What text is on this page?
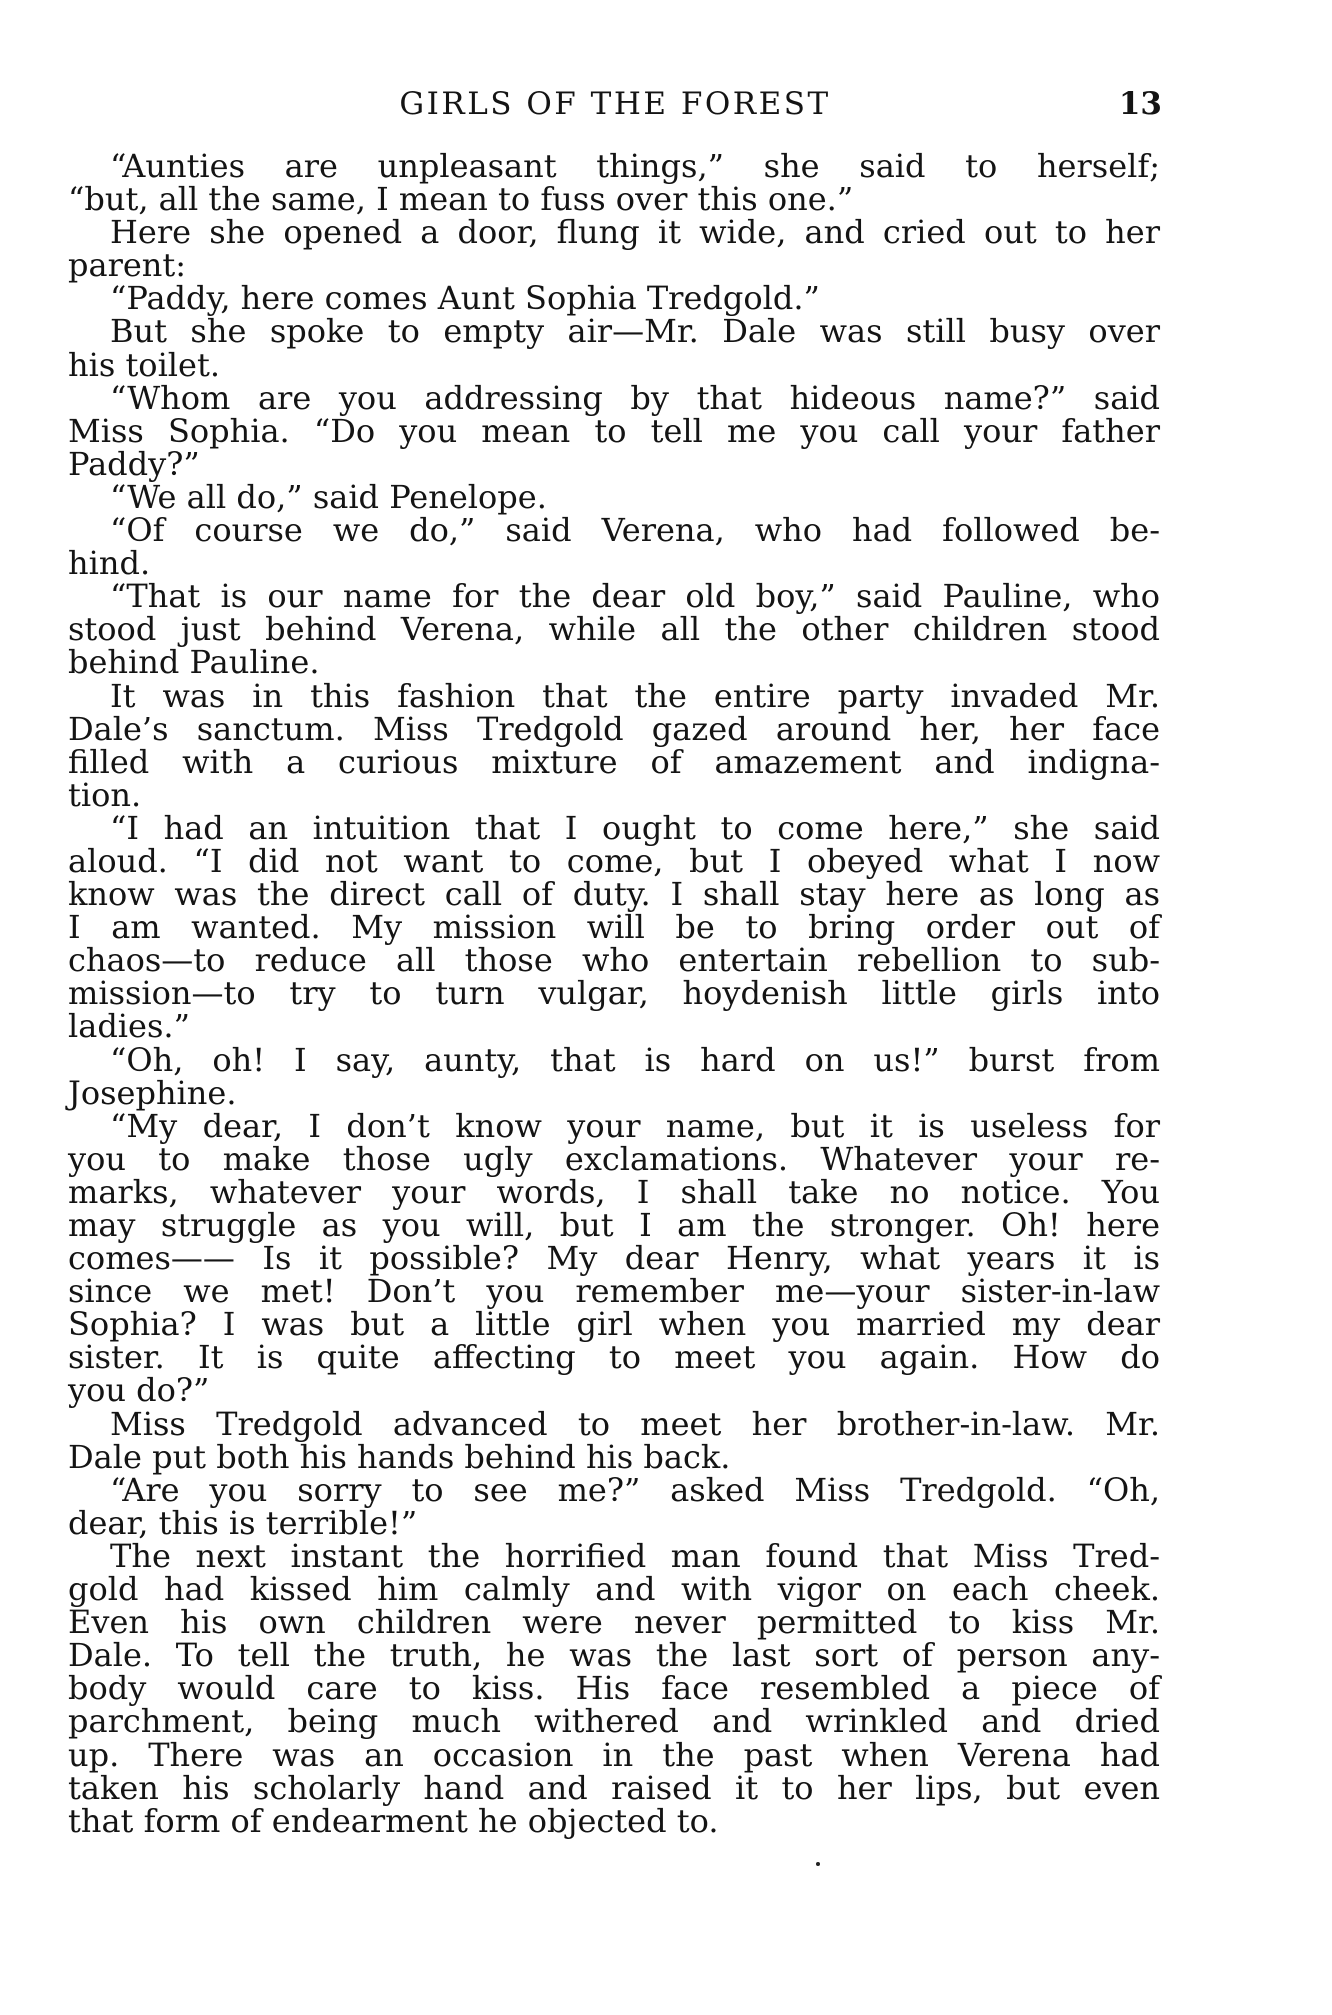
GIRLS OF THE FOREST	13
“Aunties are unpleasant things,” she said to herself;
“but, all the same, I mean to fuss over this one.”
Here she opened a door, flung it wide, and cried out to her
parent:
“Paddy, here comes Aunt Sophia Tredgold.”
But she spoke to empty air—Mr. Dale was still busy over
his toilet.
“Whom are you addressing by that hideous name?” said
Miss Sophia. “Do you mean to tell me you call your father
Paddy?”
“We all do,” said Penelope.
“Of course we do,” said Verena, who had followed be-
hind.
“That is our name for the dear old boy,” said Pauline, who
stood just behind Verena, while all the other children stood
behind Pauline.
It was in this fashion that the entire party invaded Mr.
Dale’s sanctum. Miss Tredgold gazed around her, her face
filled with a curious mixture of amazement and indigna-
tion.
“I had an intuition that I ought to come here,” she said
aloud. “I did not want to come, but I obeyed what I now
know was the direct call of duty. I shall stay here as long as
I am wanted. My mission will be to bring order out of
chaos—to reduce all those who entertain rebellion to sub-
mission—to try to turn vulgar, hoydenish little girls into
ladies.”
“Oh, oh! I say, aunty, that is hard on us!” burst from
Josephine.
“My dear, I don’t know your name, but it is useless for
you to make those ugly exclamations. Whatever your re-
marks, whatever your words, I shall take no notice. You
may struggle as you will, but I am the stronger. Oh! here
comes—— Is it possible? My dear Henry, what years it is
since we met! Don’t you remember me—your sister-in-law
Sophia? I was but a little girl when you married my dear
sister. It is quite affecting to meet you again. How do
you do?”
Miss Tredgold advanced to meet her brother-in-law. Mr.
Dale put both his hands behind his back.
“Are you sorry to see me?” asked Miss Tredgold. “Oh,
dear, this is terrible!”
The next instant the horrified man found that Miss Tred-
gold had kissed him calmly and with vigor on each cheek.
Even his own children were never permitted to kiss Mr.
Dale. To tell the truth, he was the last sort of person any-
body would care to kiss. His face resembled a piece of
parchment, being much withered and wrinkled and dried
up. There was an occasion in the past when Verena had
taken his scholarly hand and raised it to her lips, but even
that form of endearment he objected to.
